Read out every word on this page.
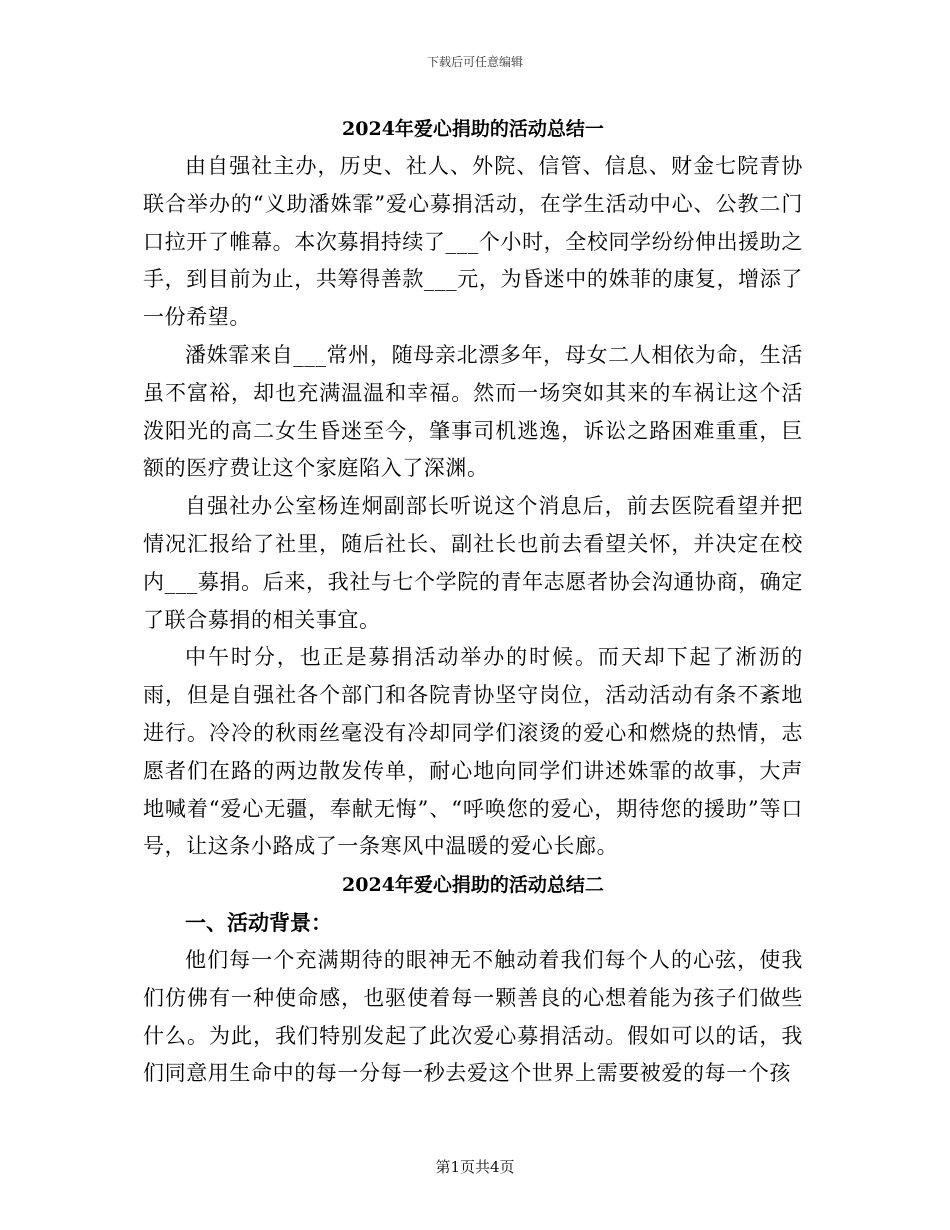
下载后可任意编辑
2024年爱心捐助的活动总结一

由自强社主办，历史、社人、外院、信管、信息、财金七院青协联合举办的“义助潘姝霏”爱心募捐活动，在学生活动中心、公教二门口拉开了帷幕。本次募捐持续了___个小时，全校同学纷纷伸出援助之手，到目前为止，共筹得善款___元，为昏迷中的姝菲的康复，增添了一份希望。

潘姝霏来自___常州，随母亲北漂多年，母女二人相依为命，生活虽不富裕，却也充满温温和幸福。然而一场突如其来的车祸让这个活泼阳光的高二女生昏迷至今，肇事司机逃逸，诉讼之路困难重重，巨额的医疗费让这个家庭陷入了深渊。

自强社办公室杨连炯副部长听说这个消息后，前去医院看望并把情况汇报给了社里，随后社长、副社长也前去看望关怀，并决定在校内___募捐。后来，我社与七个学院的青年志愿者协会沟通协商，确定了联合募捐的相关事宜。

中午时分，也正是募捐活动举办的时候。而天却下起了淅沥的雨，但是自强社各个部门和各院青协坚守岗位，活动活动有条不紊地进行。冷冷的秋雨丝毫没有冷却同学们滚烫的爱心和燃烧的热情，志愿者们在路的两边散发传单，耐心地向同学们讲述姝霏的故事，大声地喊着“爱心无疆，奉献无悔”、“呼唤您的爱心，期待您的援助”等口号，让这条小路成了一条寒风中温暖的爱心长廊。

2024年爱心捐助的活动总结二

一、活动背景：

他们每一个充满期待的眼神无不触动着我们每个人的心弦，使我们仿佛有一种使命感，也驱使着每一颗善良的心想着能为孩子们做些什么。为此，我们特别发起了此次爱心募捐活动。假如可以的话，我们同意用生命中的每一分每一秒去爱这个世界上需要被爱的每一个孩

第1页共4页
